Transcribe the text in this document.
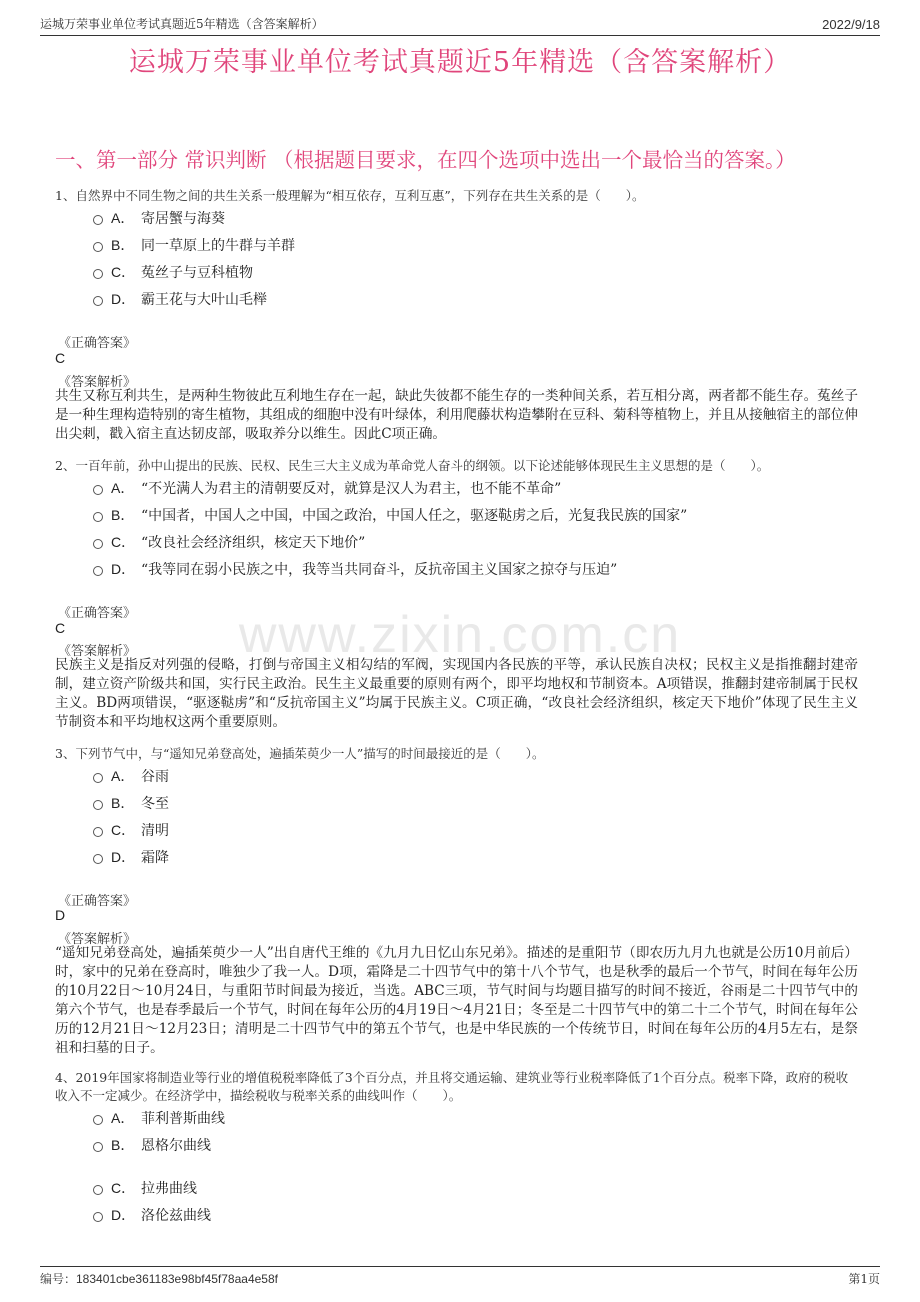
运城万荣事业单位考试真题近5年精选（含答案解析）	2022/9/18
运城万荣事业单位考试真题近5年精选（含答案解析）
一、第一部分 常识判断 （根据题目要求，在四个选项中选出一个最恰当的答案。）
www.zixin.com.cn
1、自然界中不同生物之间的共生关系一般理解为“相互依存，互利互惠”，下列存在共生关系的是（　　）。
A． 寄居蟹与海葵
B． 同一草原上的牛群与羊群
C． 菟丝子与豆科植物
D． 霸王花与大叶山毛榉
《正确答案》
C
《答案解析》
共生又称互利共生，是两种生物彼此互利地生存在一起，缺此失彼都不能生存的一类种间关系，若互相分离，两者都不能生存。菟丝子是一种生理构造特别的寄生植物，其组成的细胞中没有叶绿体，利用爬藤状构造攀附在豆科、菊科等植物上，并且从接触宿主的部位伸出尖刺，戳入宿主直达韧皮部，吸取养分以维生。因此C项正确。
2、一百年前，孙中山提出的民族、民权、民生三大主义成为革命党人奋斗的纲领。以下论述能够体现民生主义思想的是（　　）。
A． “不光满人为君主的清朝要反对，就算是汉人为君主，也不能不革命”
B． “中国者，中国人之中国，中国之政治，中国人任之，驱逐鞑虏之后，光复我民族的国家”
C． “改良社会经济组织，核定天下地价”
D． “我等同在弱小民族之中，我等当共同奋斗，反抗帝国主义国家之掠夺与压迫”
《正确答案》
C
《答案解析》
民族主义是指反对列强的侵略，打倒与帝国主义相勾结的军阀，实现国内各民族的平等，承认民族自决权；民权主义是指推翻封建帝制，建立资产阶级共和国，实行民主政治。民生主义最重要的原则有两个，即平均地权和节制资本。A项错误，推翻封建帝制属于民权主义。BD两项错误，“驱逐鞑虏”和“反抗帝国主义”均属于民族主义。C项正确，“改良社会经济组织，核定天下地价”体现了民生主义节制资本和平均地权这两个重要原则。
3、下列节气中，与“遥知兄弟登高处，遍插茱萸少一人”描写的时间最接近的是（　　）。
A． 谷雨
B． 冬至
C． 清明
D． 霜降
《正确答案》
D
《答案解析》
“遥知兄弟登高处，遍插茱萸少一人”出自唐代王维的《九月九日忆山东兄弟》。描述的是重阳节（即农历九月九也就是公历10月前后）时，家中的兄弟在登高时，唯独少了我一人。D项，霜降是二十四节气中的第十八个节气，也是秋季的最后一个节气，时间在每年公历的10月22日～10月24日，与重阳节时间最为接近，当选。ABC三项，节气时间与均题目描写的时间不接近，谷雨是二十四节气中的第六个节气，也是春季最后一个节气，时间在每年公历的4月19日～4月21日；冬至是二十四节气中的第二十二个节气，时间在每年公历的12月21日～12月23日；清明是二十四节气中的第五个节气，也是中华民族的一个传统节日，时间在每年公历的4月5左右，是祭祖和扫墓的日子。
4、2019年国家将制造业等行业的增值税税率降低了3个百分点，并且将交通运输、建筑业等行业税率降低了1个百分点。税率下降，政府的税收收入不一定减少。在经济学中，描绘税收与税率关系的曲线叫作（　　）。
A． 菲利普斯曲线
B． 恩格尔曲线
C． 拉弗曲线
D． 洛伦兹曲线
编号：183401cbe361183e98bf45f78aa4e58f	第1页
